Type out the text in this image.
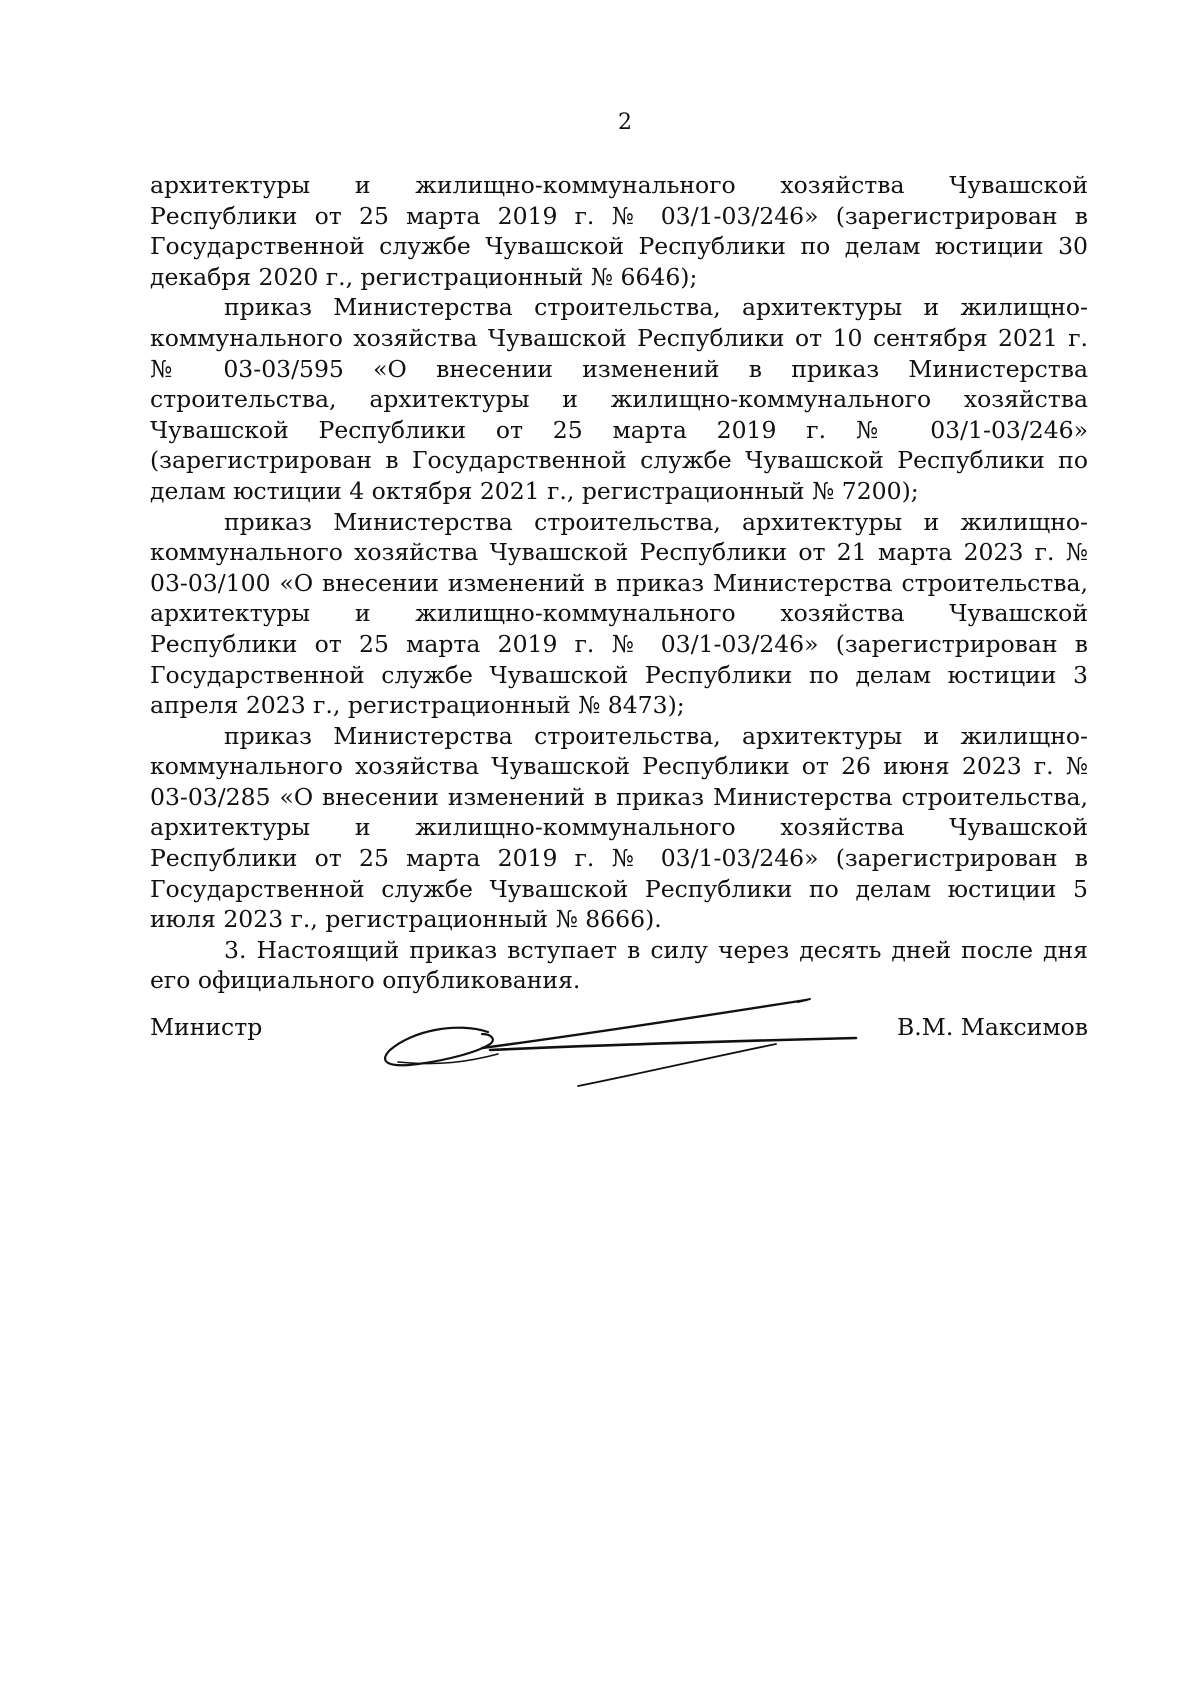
2

архитектуры и жилищно-коммунального хозяйства Чувашской Республики от 25 марта 2019 г. № 03/1-03/246» (зарегистрирован в Государственной службе Чувашской Республики по делам юстиции 30 декабря 2020 г., регистрационный № 6646);

приказ Министерства строительства, архитектуры и жилищно-коммунального хозяйства Чувашской Республики от 10 сентября 2021 г. № 03-03/595 «О внесении изменений в приказ Министерства строительства, архитектуры и жилищно-коммунального хозяйства Чувашской Республики от 25 марта 2019 г. № 03/1-03/246» (зарегистрирован в Государственной службе Чувашской Республики по делам юстиции 4 октября 2021 г., регистрационный № 7200);

приказ Министерства строительства, архитектуры и жилищно-коммунального хозяйства Чувашской Республики от 21 марта 2023 г. № 03-03/100 «О внесении изменений в приказ Министерства строительства, архитектуры и жилищно-коммунального хозяйства Чувашской Республики от 25 марта 2019 г. № 03/1-03/246» (зарегистрирован в Государственной службе Чувашской Республики по делам юстиции 3 апреля 2023 г., регистрационный № 8473);

приказ Министерства строительства, архитектуры и жилищно-коммунального хозяйства Чувашской Республики от 26 июня 2023 г. № 03-03/285 «О внесении изменений в приказ Министерства строительства, архитектуры и жилищно-коммунального хозяйства Чувашской Республики от 25 марта 2019 г. № 03/1-03/246» (зарегистрирован в Государственной службе Чувашской Республики по делам юстиции 5 июля 2023 г., регистрационный № 8666).

3. Настоящий приказ вступает в силу через десять дней после дня его официального опубликования.

Министр	В.М. Максимов
